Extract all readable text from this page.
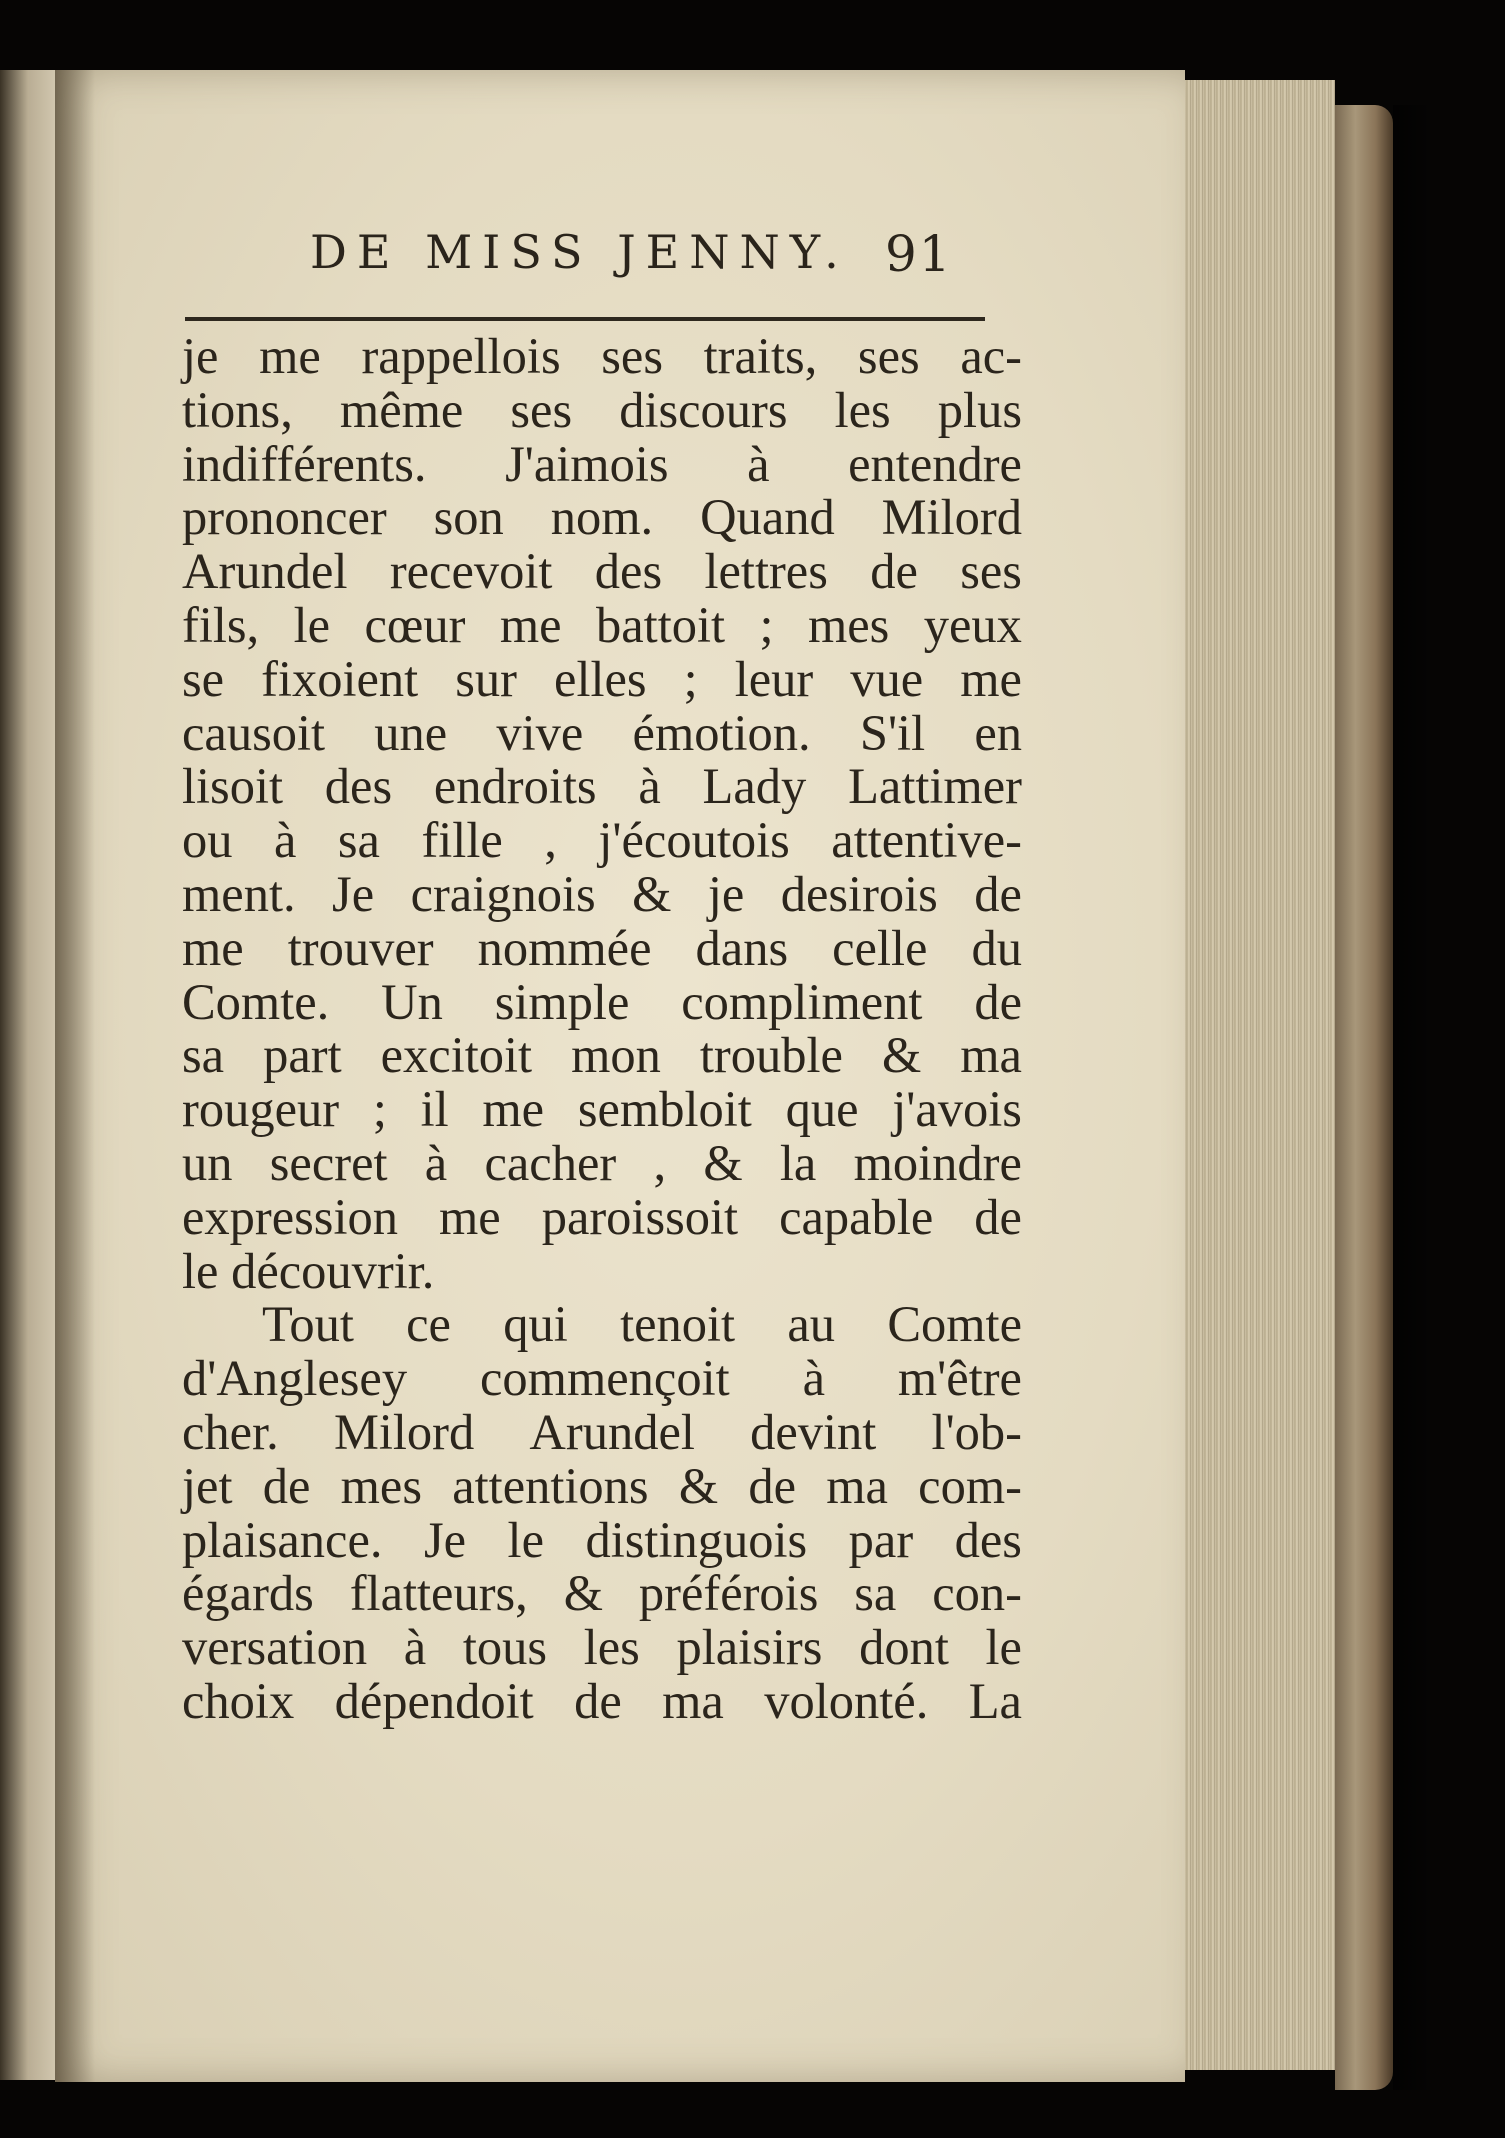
DE MISS JENNY. 91
je me rappellois ses traits, ses ac-
tions, même ses discours les plus
indifférents. J'aimois à entendre
prononcer son nom. Quand Milord
Arundel recevoit des lettres de ses
fils, le cœur me battoit ; mes yeux
se fixoient sur elles ; leur vue me
causoit une vive émotion. S'il en
lisoit des endroits à Lady Lattimer
ou à sa fille , j'écoutois attentive-
ment. Je craignois & je desirois de
me trouver nommée dans celle du
Comte. Un simple compliment de
sa part excitoit mon trouble & ma
rougeur ; il me sembloit que j'avois
un secret à cacher , & la moindre
expression me paroissoit capable de
le découvrir.
Tout ce qui tenoit au Comte
d'Anglesey commençoit à m'être
cher. Milord Arundel devint l'ob-
jet de mes attentions & de ma com-
plaisance. Je le distinguois par des
égards flatteurs, & préférois sa con-
versation à tous les plaisirs dont le
choix dépendoit de ma volonté. La
